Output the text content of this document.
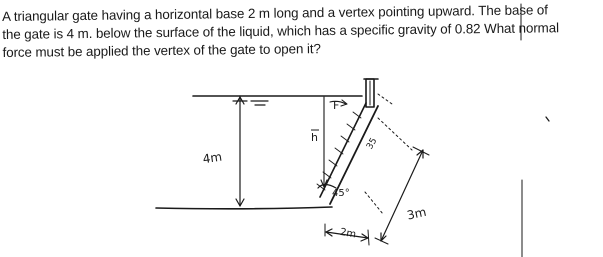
A triangular gate having a horizontal base 2 m long and a vertex pointing upward. The base of

the gate is 4 m. below the surface of the liquid, which has a specific gravity of 0.82 What normal

force must be applied the vertex of the gate to open it?

4m
F
h
45°
3m
2m
35
